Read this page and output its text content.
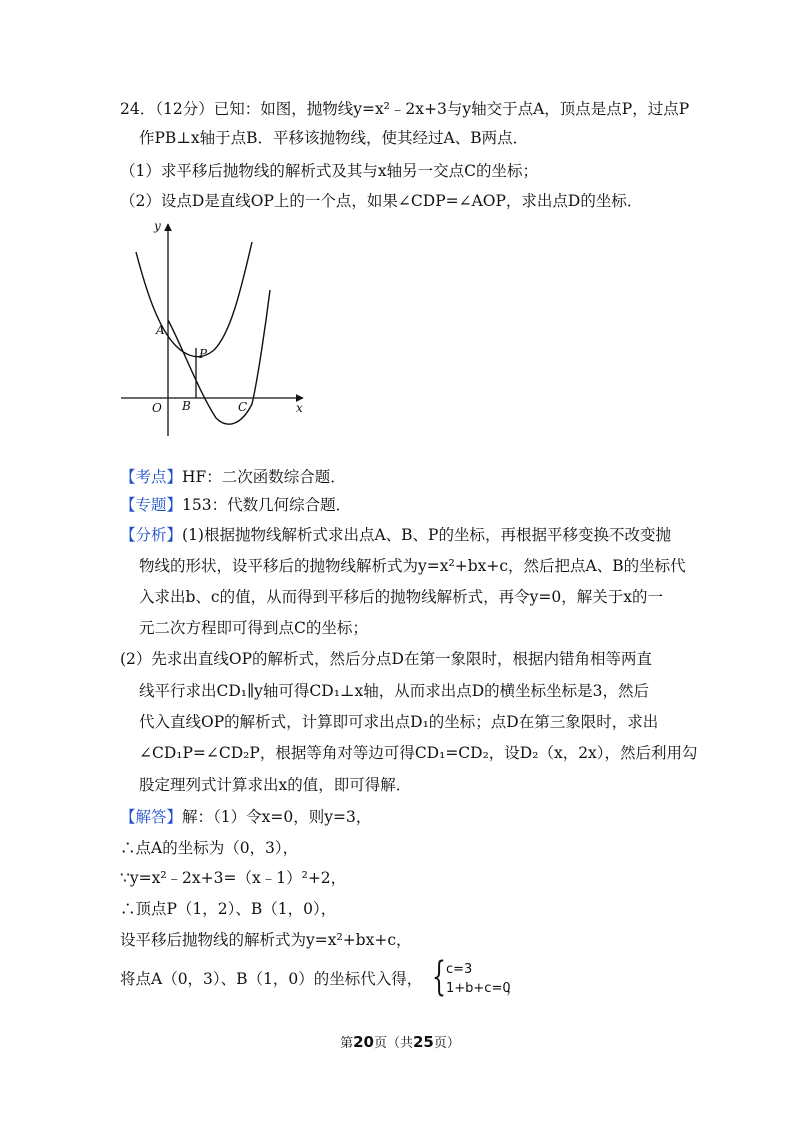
24．（12分）已知：如图，抛物线y=x²﹣2x+3与y轴交于点A，顶点是点P，过点P
作PB⊥x轴于点B．平移该抛物线，使其经过A、B两点．
（1）求平移后抛物线的解析式及其与x轴另一交点C的坐标；
（2）设点D是直线OP上的一个点，如果∠CDP=∠AOP，求出点D的坐标．
y
x
O
A
B	C
P
【考点】HF：二次函数综合题．
【专题】153：代数几何综合题．
【分析】(1)根据抛物线解析式求出点A、B、P的坐标，再根据平移变换不改变抛
物线的形状，设平移后的抛物线解析式为y=x²+bx+c，然后把点A、B的坐标代
入求出b、c的值，从而得到平移后的抛物线解析式，再令y=0，解关于x的一
元二次方程即可得到点C的坐标；
(2）先求出直线OP的解析式，然后分点D在第一象限时，根据内错角相等两直
线平行求出CD₁∥y轴可得CD₁⊥x轴，从而求出点D的横坐标坐标是3，然后
代入直线OP的解析式，计算即可求出点D₁的坐标；点D在第三象限时，求出
∠CD₁P=∠CD₂P，根据等角对等边可得CD₁=CD₂，设D₂（x，2x），然后利用勾
股定理列式计算求出x的值，即可得解．
【解答】解：（1）令x=0，则y=3，
∴点A的坐标为（0，3），
∵y=x²﹣2x+3=（x﹣1）²+2，
∴顶点P（1，2）、B（1，0），
设平移后抛物线的解析式为y=x²+bx+c，
将点A（0，3）、B（1，0）的坐标代入得， { c=3
1+b+c=0
，
第20页（共25页）
